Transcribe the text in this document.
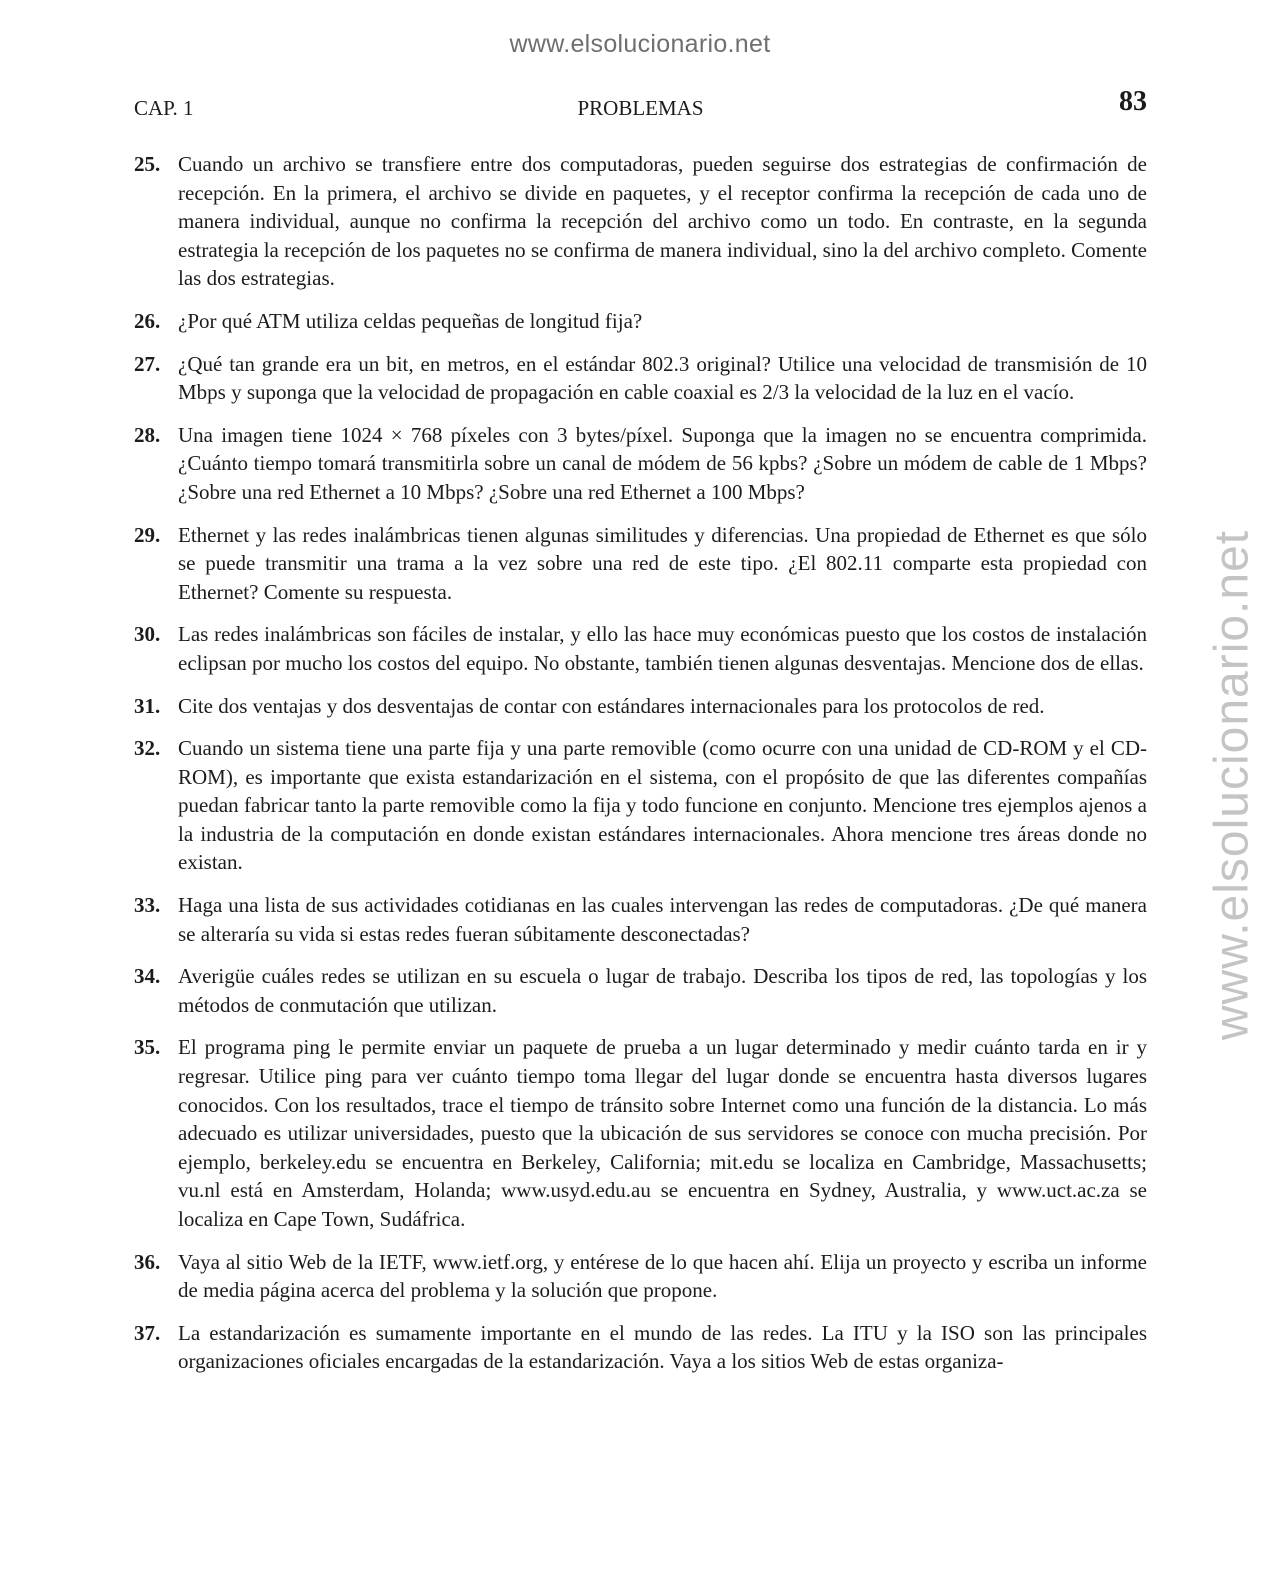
www.elsolucionario.net
www.elsolucionario.net
CAP. 1	PROBLEMAS	83
25. Cuando un archivo se transfiere entre dos computadoras, pueden seguirse dos estrategias de confirmación de recepción. En la primera, el archivo se divide en paquetes, y el receptor confirma la recepción de cada uno de manera individual, aunque no confirma la recepción del archivo como un todo. En contraste, en la segunda estrategia la recepción de los paquetes no se confirma de manera individual, sino la del archivo completo. Comente las dos estrategias.
26. ¿Por qué ATM utiliza celdas pequeñas de longitud fija?
27. ¿Qué tan grande era un bit, en metros, en el estándar 802.3 original? Utilice una velocidad de transmisión de 10 Mbps y suponga que la velocidad de propagación en cable coaxial es 2/3 la velocidad de la luz en el vacío.
28. Una imagen tiene 1024 × 768 píxeles con 3 bytes/píxel. Suponga que la imagen no se encuentra comprimida. ¿Cuánto tiempo tomará transmitirla sobre un canal de módem de 56 kpbs? ¿Sobre un módem de cable de 1 Mbps? ¿Sobre una red Ethernet a 10 Mbps? ¿Sobre una red Ethernet a 100 Mbps?
29. Ethernet y las redes inalámbricas tienen algunas similitudes y diferencias. Una propiedad de Ethernet es que sólo se puede transmitir una trama a la vez sobre una red de este tipo. ¿El 802.11 comparte esta propiedad con Ethernet? Comente su respuesta.
30. Las redes inalámbricas son fáciles de instalar, y ello las hace muy económicas puesto que los costos de instalación eclipsan por mucho los costos del equipo. No obstante, también tienen algunas desventajas. Mencione dos de ellas.
31. Cite dos ventajas y dos desventajas de contar con estándares internacionales para los protocolos de red.
32. Cuando un sistema tiene una parte fija y una parte removible (como ocurre con una unidad de CD-ROM y el CD-ROM), es importante que exista estandarización en el sistema, con el propósito de que las diferentes compañías puedan fabricar tanto la parte removible como la fija y todo funcione en conjunto. Mencione tres ejemplos ajenos a la industria de la computación en donde existan estándares internacionales. Ahora mencione tres áreas donde no existan.
33. Haga una lista de sus actividades cotidianas en las cuales intervengan las redes de computadoras. ¿De qué manera se alteraría su vida si estas redes fueran súbitamente desconectadas?
34. Averigüe cuáles redes se utilizan en su escuela o lugar de trabajo. Describa los tipos de red, las topologías y los métodos de conmutación que utilizan.
35. El programa ping le permite enviar un paquete de prueba a un lugar determinado y medir cuánto tarda en ir y regresar. Utilice ping para ver cuánto tiempo toma llegar del lugar donde se encuentra hasta diversos lugares conocidos. Con los resultados, trace el tiempo de tránsito sobre Internet como una función de la distancia. Lo más adecuado es utilizar universidades, puesto que la ubicación de sus servidores se conoce con mucha precisión. Por ejemplo, berkeley.edu se encuentra en Berkeley, California; mit.edu se localiza en Cambridge, Massachusetts; vu.nl está en Amsterdam, Holanda; www.usyd.edu.au se encuentra en Sydney, Australia, y www.uct.ac.za se localiza en Cape Town, Sudáfrica.
36. Vaya al sitio Web de la IETF, www.ietf.org, y entérese de lo que hacen ahí. Elija un proyecto y escriba un informe de media página acerca del problema y la solución que propone.
37. La estandarización es sumamente importante en el mundo de las redes. La ITU y la ISO son las principales organizaciones oficiales encargadas de la estandarización. Vaya a los sitios Web de estas organiza-
